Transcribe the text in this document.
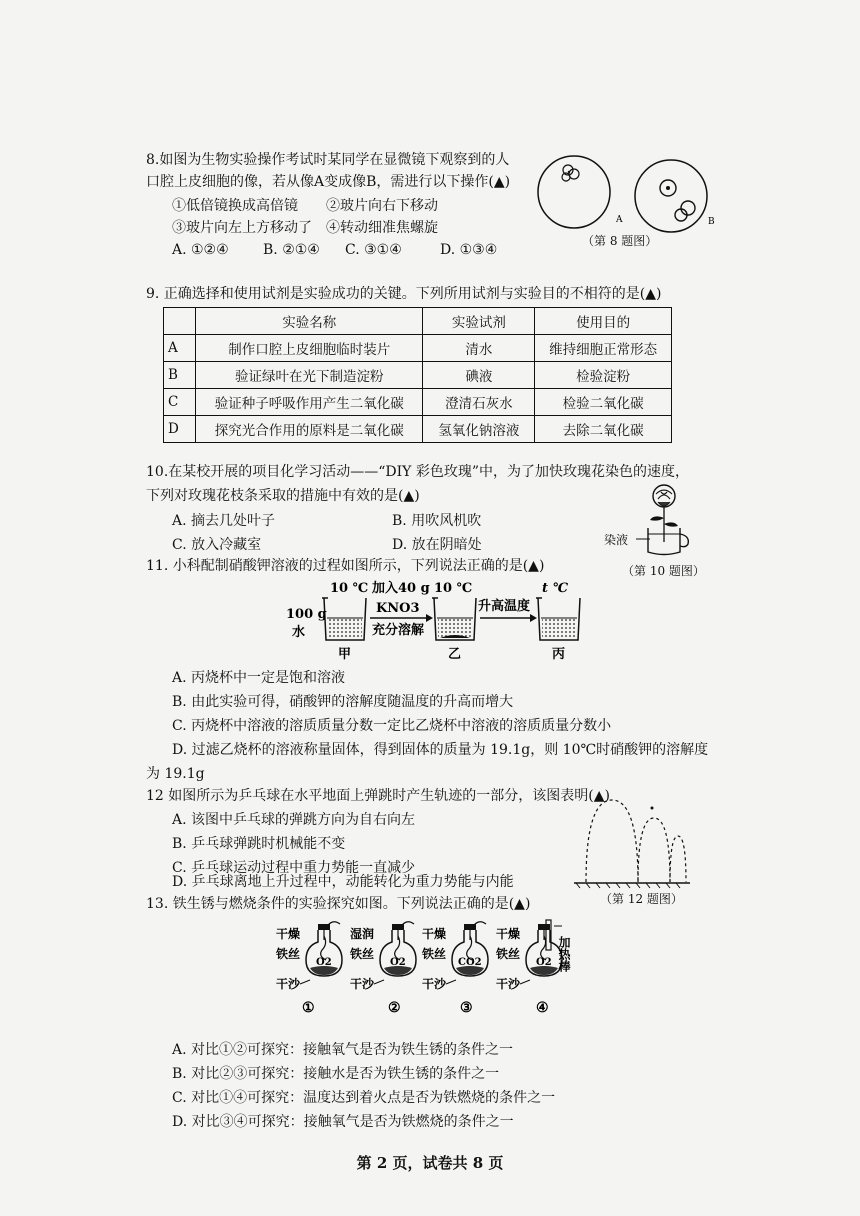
8.如图为生物实验操作考试时某同学在显微镜下观察到的人
口腔上皮细胞的像，若从像A变成像B，需进行以下操作(▲)
①低倍镜换成高倍镜　　②玻片向右下移动
③玻片向左上方移动了　④转动细准焦螺旋
A. ①②④ B. ②①④ C. ③①④	D. ①③④
A	B
（第 8 题图）
9. 正确选择和使用试剂是实验成功的关键。下列所用试剂与实验目的不相符的是(▲)
	实验名称	实验试剂	使用目的
A	制作口腔上皮细胞临时装片	清水	维持细胞正常形态
B	验证绿叶在光下制造淀粉	碘液	检验淀粉
C	验证种子呼吸作用产生二氧化碳	澄清石灰水	检验二氧化碳
D	探究光合作用的原料是二氧化碳	氢氧化钠溶液	去除二氧化碳
10.在某校开展的项目化学习活动——“DIY 彩色玫瑰”中，为了加快玫瑰花染色的速度，
下列对玫瑰花枝条采取的措施中有效的是(▲)
A. 摘去几处叶子	B. 用吹风机吹
C. 放入冷藏室	D. 放在阴暗处	染液
（第 10 题图）
11. 小科配制硝酸钾溶液的过程如图所示，下列说法正确的是(▲)
10 ℃	10 ℃	t ℃
100 g
水
加入40 g
KNO3
充分溶解
升高温度
甲	乙	丙
A. 丙烧杯中一定是饱和溶液
B. 由此实验可得，硝酸钾的溶解度随温度的升高而增大
C. 丙烧杯中溶液的溶质质量分数一定比乙烧杯中溶液的溶质质量分数小
D. 过滤乙烧杯的溶液称量固体，得到固体的质量为 19.1g，则 10℃时硝酸钾的溶解度
为 19.1g
12 如图所示为乒乓球在水平地面上弹跳时产生轨迹的一部分，该图表明(▲)
A. 该图中乒乓球的弹跳方向为自右向左
B. 乒乓球弹跳时机械能不变
C. 乒乓球运动过程中重力势能一直减少
D. 乒乓球离地上升过程中，动能转化为重力势能与内能
（第 12 题图）
13. 铁生锈与燃烧条件的实验探究如图。下列说法正确的是(▲)
干燥	湿润	干燥	干燥
铁丝	铁丝	铁丝	铁丝
O2	O2	CO2	O2
干沙	干沙	干沙	干沙
加热棒
①	②	③	④
A. 对比①②可探究：接触氧气是否为铁生锈的条件之一
B. 对比②③可探究：接触水是否为铁生锈的条件之一
C. 对比①④可探究：温度达到着火点是否为铁燃烧的条件之一
D. 对比③④可探究：接触氧气是否为铁燃烧的条件之一
第 2 页，试卷共 8 页
